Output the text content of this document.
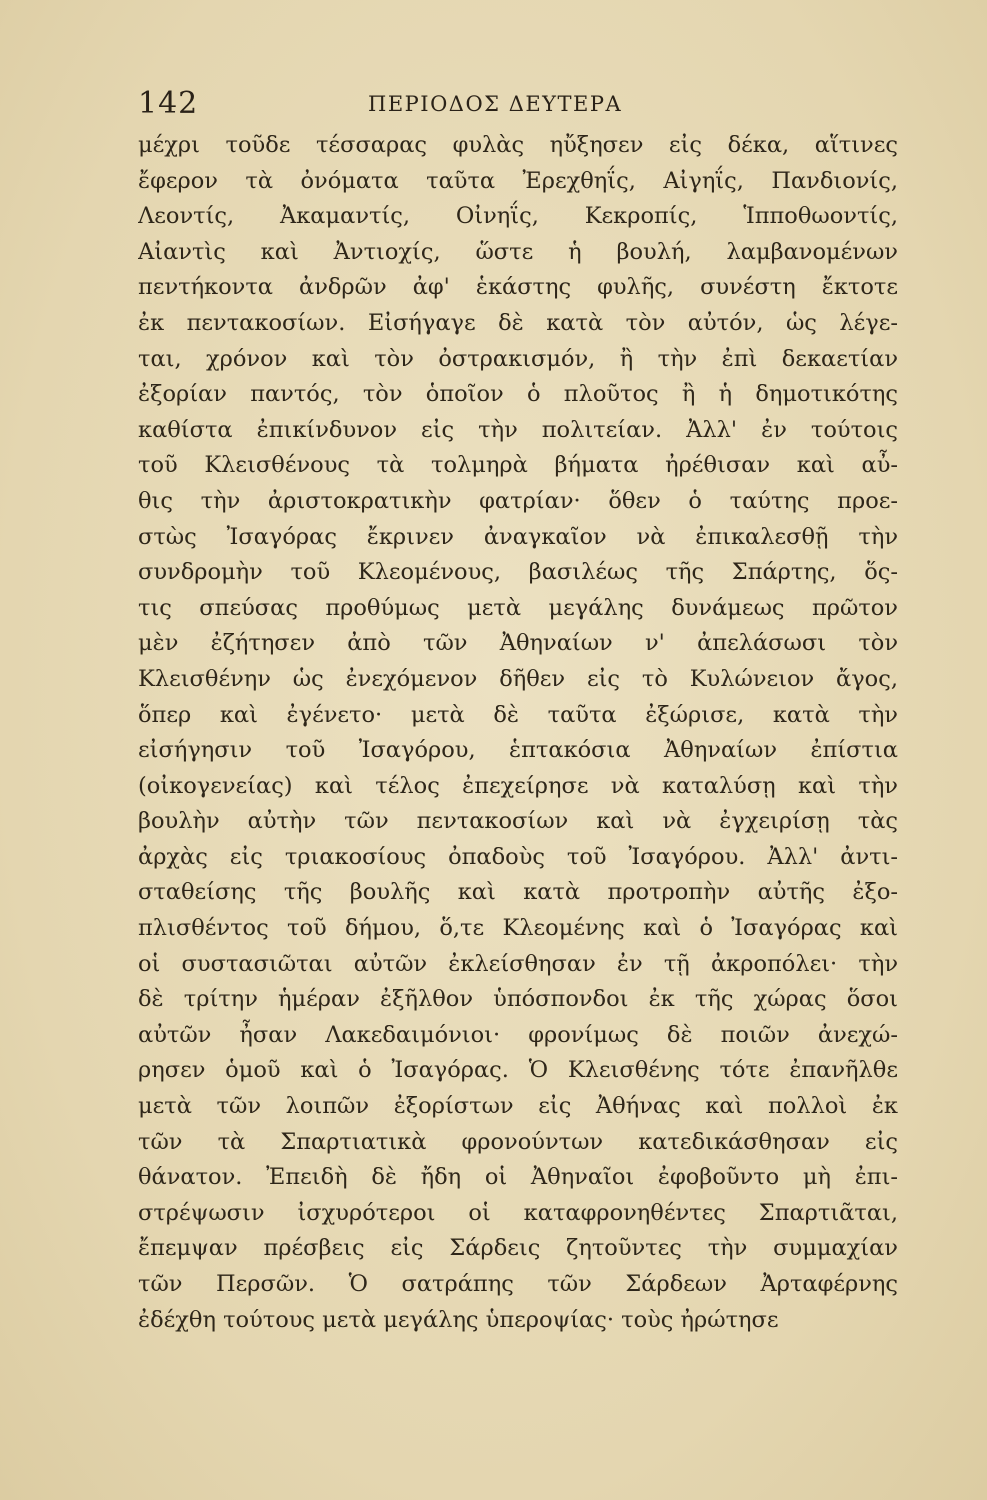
142	ΠΕΡΙΟΔΟΣ ΔΕΥΤΕΡΑ
μέχρι τοῦδε τέσσαρας φυλὰς ηὔξησεν εἰς δέκα, αἵτινες
ἔφερον τὰ ὀνόματα ταῦτα Ἐρεχθηΐς, Αἰγηΐς, Πανδιονίς,
Λεοντίς, Ἀκαμαντίς, Οἰνηΐς, Κεκροπίς, Ἱπποθωοντίς,
Αἰαντὶς καὶ Ἀντιοχίς, ὥστε ἡ βουλή, λαμβανομένων
πεντήκοντα ἀνδρῶν ἀφ' ἑκάστης φυλῆς, συνέστη ἔκτοτε
ἐκ πεντακοσίων. Εἰσήγαγε δὲ κατὰ τὸν αὐτόν, ὡς λέγε-
ται, χρόνον καὶ τὸν ὀστρακισμόν, ἢ τὴν ἐπὶ δεκαετίαν
ἐξορίαν παντός, τὸν ὁποῖον ὁ πλοῦτος ἢ ἡ δημοτικότης
καθίστα ἐπικίνδυνον εἰς τὴν πολιτείαν. Ἀλλ' ἐν τούτοις
τοῦ Κλεισθένους τὰ τολμηρὰ βήματα ἠρέθισαν καὶ αὖ-
θις τὴν ἀριστοκρατικὴν φατρίαν· ὅθεν ὁ ταύτης προε-
στὼς Ἰσαγόρας ἔκρινεν ἀναγκαῖον νὰ ἐπικαλεσθῇ τὴν
συνδρομὴν τοῦ Κλεομένους, βασιλέως τῆς Σπάρτης, ὅς-
τις σπεύσας προθύμως μετὰ μεγάλης δυνάμεως πρῶτον
μὲν ἐζήτησεν ἀπὸ τῶν Ἀθηναίων ν' ἀπελάσωσι τὸν
Κλεισθένην ὡς ἐνεχόμενον δῆθεν εἰς τὸ Κυλώνειον ἄγος,
ὅπερ καὶ ἐγένετο· μετὰ δὲ ταῦτα ἐξώρισε, κατὰ τὴν
εἰσήγησιν τοῦ Ἰσαγόρου, ἑπτακόσια Ἀθηναίων ἐπίστια
(οἰκογενείας) καὶ τέλος ἐπεχείρησε νὰ καταλύσῃ καὶ τὴν
βουλὴν αὐτὴν τῶν πεντακοσίων καὶ νὰ ἐγχειρίσῃ τὰς
ἀρχὰς εἰς τριακοσίους ὀπαδοὺς τοῦ Ἰσαγόρου. Ἀλλ' ἀντι-
σταθείσης τῆς βουλῆς καὶ κατὰ προτροπὴν αὐτῆς ἐξο-
πλισθέντος τοῦ δήμου, ὅ,τε Κλεομένης καὶ ὁ Ἰσαγόρας καὶ
οἱ συστασιῶται αὐτῶν ἐκλείσθησαν ἐν τῇ ἀκροπόλει· τὴν
δὲ τρίτην ἡμέραν ἐξῆλθον ὑπόσπονδοι ἐκ τῆς χώρας ὅσοι
αὐτῶν ἦσαν Λακεδαιμόνιοι· φρονίμως δὲ ποιῶν ἀνεχώ-
ρησεν ὁμοῦ καὶ ὁ Ἰσαγόρας. Ὁ Κλεισθένης τότε ἐπανῆλθε
μετὰ τῶν λοιπῶν ἐξορίστων εἰς Ἀθήνας καὶ πολλοὶ ἐκ
τῶν τὰ Σπαρτιατικὰ φρονούντων κατεδικάσθησαν εἰς
θάνατον. Ἐπειδὴ δὲ ἤδη οἱ Ἀθηναῖοι ἐφοβοῦντο μὴ ἐπι-
στρέψωσιν ἰσχυρότεροι οἱ καταφρονηθέντες Σπαρτιᾶται,
ἔπεμψαν πρέσβεις εἰς Σάρδεις ζητοῦντες τὴν συμμαχίαν
τῶν Περσῶν. Ὁ σατράπης τῶν Σάρδεων Ἀρταφέρνης
ἐδέχθη τούτους μετὰ μεγάλης ὑπεροψίας· τοὺς ἠρώτησε
